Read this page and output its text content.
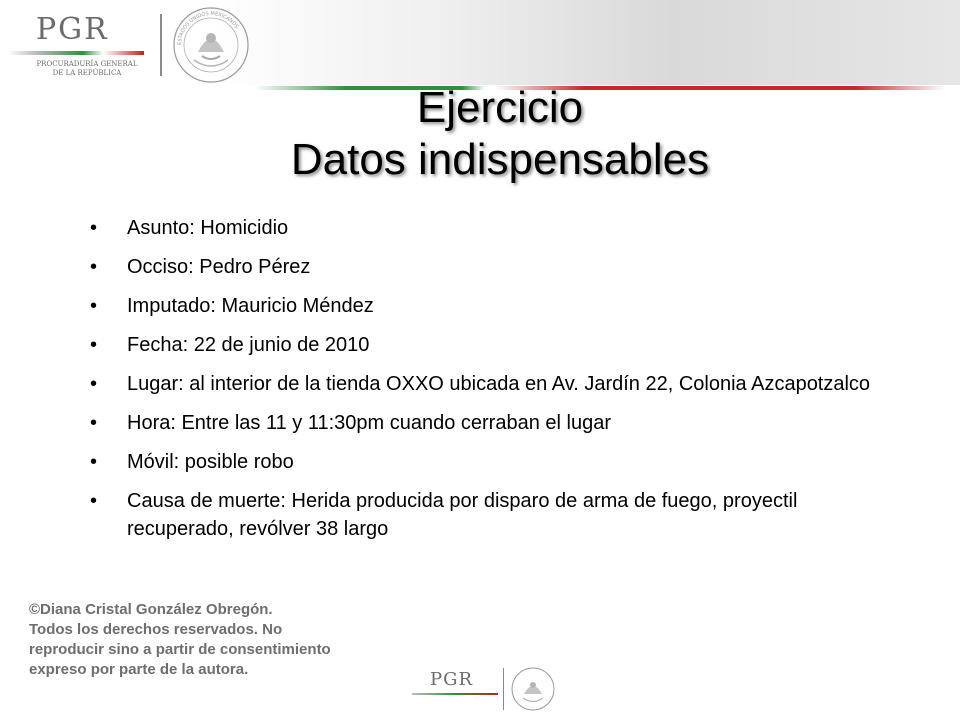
PGR
PROCURADURÍA GENERAL
DE LA REPÚBLICA
ESTADOS UNIDOS MEXICANOS
Ejercicio
Datos indispensables
• Asunto: Homicidio
• Occiso: Pedro Pérez
• Imputado: Mauricio Méndez
• Fecha: 22 de junio de 2010
• Lugar: al interior de la tienda OXXO ubicada en Av. Jardín 22, Colonia Azcapotzalco
• Hora: Entre las 11 y 11:30pm cuando cerraban el lugar
• Móvil: posible robo
• Causa de muerte: Herida producida por disparo de arma de fuego, proyectil recuperado, revólver 38 largo
©Diana Cristal González Obregón.
Todos los derechos reservados. No
reproducir sino a partir de consentimiento
expreso por parte de la autora.	PGR
